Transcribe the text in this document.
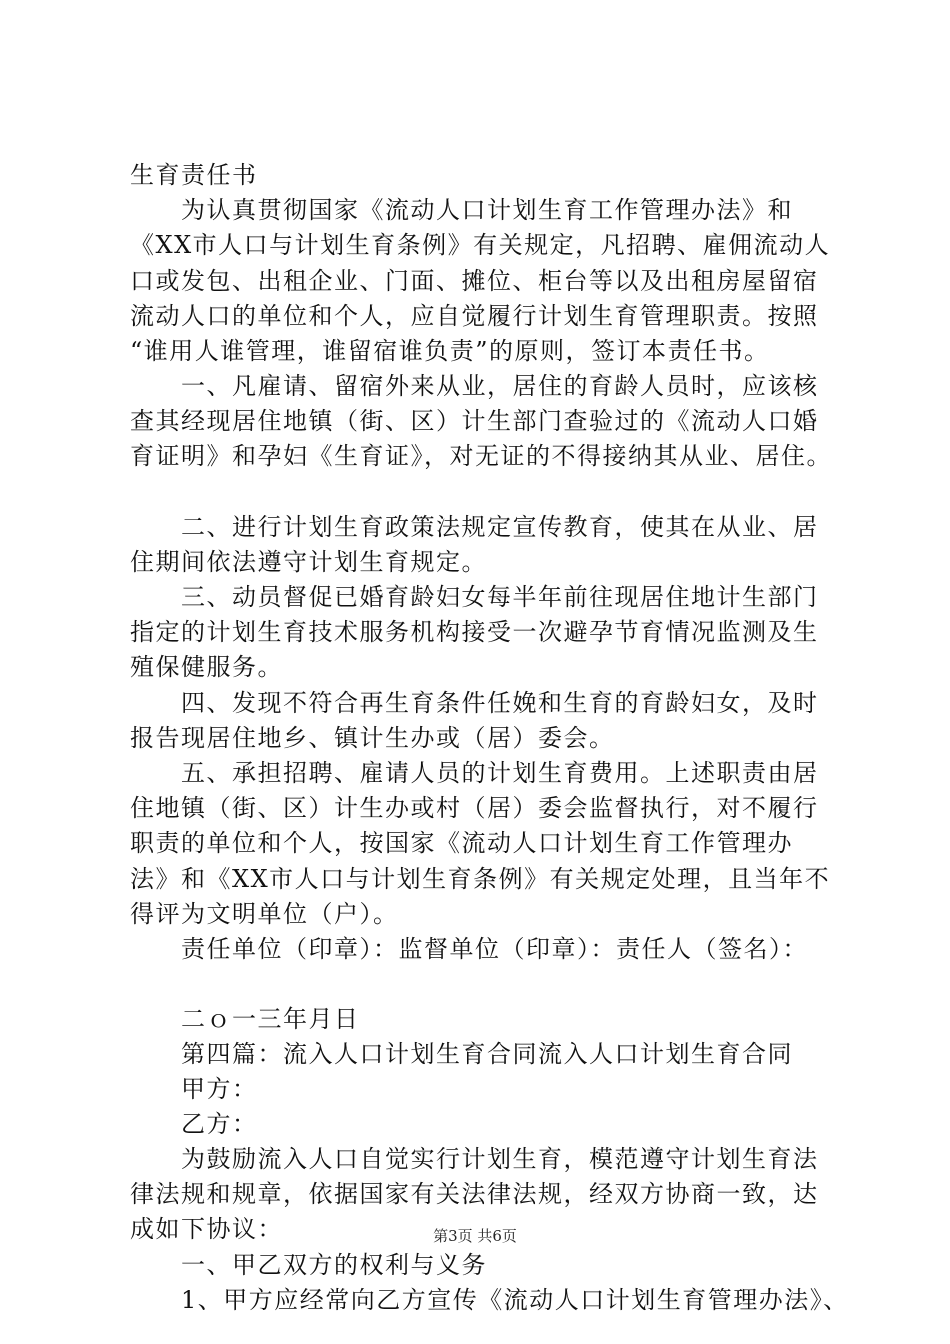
生育责任书
　　为认真贯彻国家《流动人口计划生育工作管理办法》和
《XX市人口与计划生育条例》有关规定，凡招聘、雇佣流动人
口或发包、出租企业、门面、摊位、柜台等以及出租房屋留宿
流动人口的单位和个人，应自觉履行计划生育管理职责。按照
“谁用人谁管理，谁留宿谁负责”的原则，签订本责任书。
　　一、凡雇请、留宿外来从业，居住的育龄人员时，应该核
查其经现居住地镇（街、区）计生部门查验过的《流动人口婚
育证明》和孕妇《生育证》，对无证的不得接纳其从业、居住。
　　二、进行计划生育政策法规定宣传教育，使其在从业、居
住期间依法遵守计划生育规定。
　　三、动员督促已婚育龄妇女每半年前往现居住地计生部门
指定的计划生育技术服务机构接受一次避孕节育情况监测及生
殖保健服务。
　　四、发现不符合再生育条件任娩和生育的育龄妇女，及时
报告现居住地乡、镇计生办或（居）委会。
　　五、承担招聘、雇请人员的计划生育费用。上述职责由居
住地镇（街、区）计生办或村（居）委会监督执行，对不履行
职责的单位和个人，按国家《流动人口计划生育工作管理办
法》和《XX市人口与计划生育条例》有关规定处理，且当年不
得评为文明单位（户）。
　　责任单位（印章）：监督单位（印章）：责任人（签名）：
　　二ｏ一三年月日
　　第四篇：流入人口计划生育合同流入人口计划生育合同
　　甲方：
　　乙方：
　　为鼓励流入人口自觉实行计划生育，模范遵守计划生育法
律法规和规章，依据国家有关法律法规，经双方协商一致，达
成如下协议：
　　一、甲乙双方的权利与义务
　　1、甲方应经常向乙方宣传《流动人口计划生育管理办法》、
第3页 共6页
